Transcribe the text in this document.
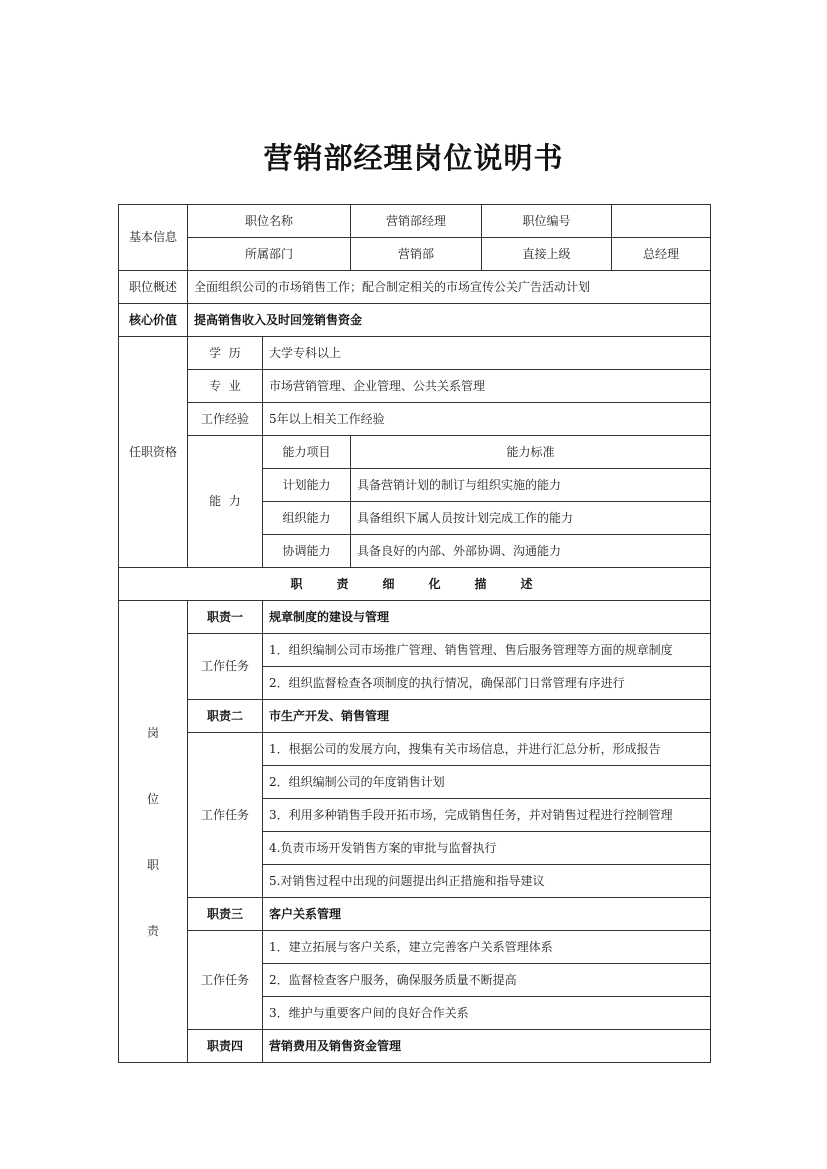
营销部经理岗位说明书
基本信息	职位名称		营销部经理	职位编号	
	所属部门		营销部	直接上级	总经理
职位概述	全面组织公司的市场销售工作；配合制定相关的市场宣传公关广告活动计划				
核心价值	提高销售收入及时回笼销售资金				
任职资格	学  历	大学专科以上			
	专  业	市场营销管理、企业管理、公共关系管理			
	工作经验	5年以上相关工作经验			
	能  力	能力项目	能力标准		
		计划能力	具备营销计划的制订与组织实施的能力		
		组织能力	具备组织下属人员按计划完成工作的能力		
		协调能力	具备良好的内部、外部协调、沟通能力		
职责细化描述					

岗
位
职
责	职责一	规章制度的建设与管理			
	工作任务	1．组织编制公司市场推广管理、销售管理、售后服务管理等方面的规章制度			
		2．组织监督检查各项制度的执行情况，确保部门日常管理有序进行			
	职责二	市生产开发、销售管理			
	工作任务	1．根据公司的发展方向，搜集有关市场信息，并进行汇总分析，形成报告			
		2．组织编制公司的年度销售计划			
		3．利用多种销售手段开拓市场，完成销售任务，并对销售过程进行控制管理			
		4.负责市场开发销售方案的审批与监督执行			
		5.对销售过程中出现的问题提出纠正措施和指导建议			
	职责三	客户关系管理			
	工作任务	1．建立拓展与客户关系，建立完善客户关系管理体系			
		2．监督检查客户服务，确保服务质量不断提高			
		3．维护与重要客户间的良好合作关系			
	职责四	营销费用及销售资金管理			
